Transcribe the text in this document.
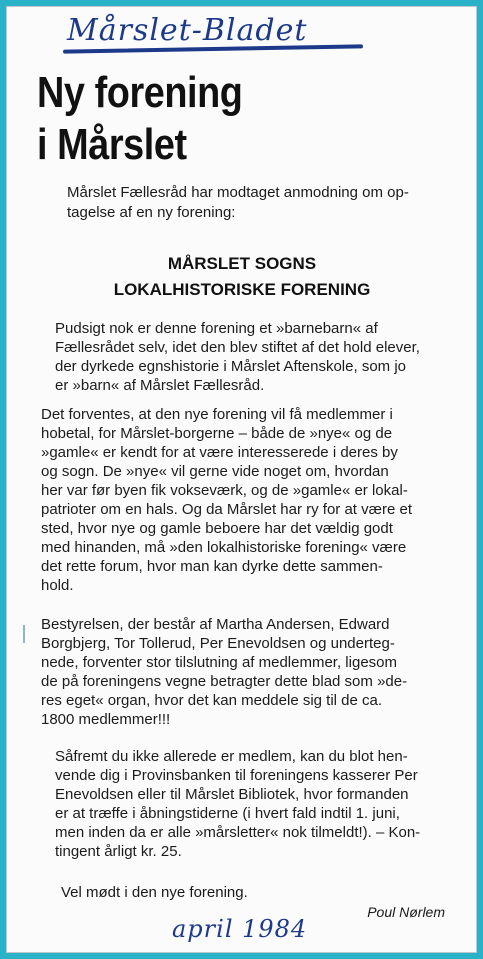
Mårslet-Bladet
Ny forening
i Mårslet
Mårslet Fællesråd har modtaget anmodning om op-
tagelse af en ny forening:
MÅRSLET SOGNS
LOKALHISTORISKE FORENING
Pudsigt nok er denne forening et »barnebarn« af
Fællesrådet selv, idet den blev stiftet af det hold elever,
der dyrkede egnshistorie i Mårslet Aftenskole, som jo
er »barn« af Mårslet Fællesråd.
Det forventes, at den nye forening vil få medlemmer i
hobetal, for Mårslet-borgerne – både de »nye« og de
»gamle« er kendt for at være interesserede i deres by
og sogn. De »nye« vil gerne vide noget om, hvordan
her var før byen fik vokseværk, og de »gamle« er lokal-
patrioter om en hals. Og da Mårslet har ry for at være et
sted, hvor nye og gamle beboere har det vældig godt
med hinanden, må »den lokalhistoriske forening« være
det rette forum, hvor man kan dyrke dette sammen-
hold.
Bestyrelsen, der består af Martha Andersen, Edward
Borgbjerg, Tor Tollerud, Per Enevoldsen og underteg-
nede, forventer stor tilslutning af medlemmer, ligesom
de på foreningens vegne betragter dette blad som »de-
res eget« organ, hvor det kan meddele sig til de ca.
1800 medlemmer!!!
Såfremt du ikke allerede er medlem, kan du blot hen-
vende dig i Provinsbanken til foreningens kasserer Per
Enevoldsen eller til Mårslet Bibliotek, hvor formanden
er at træffe i åbningstiderne (i hvert fald indtil 1. juni,
men inden da er alle »mårsletter« nok tilmeldt!). – Kon-
tingent årligt kr. 25.
Vel mødt i den nye forening.
Poul Nørlem
april 1984
